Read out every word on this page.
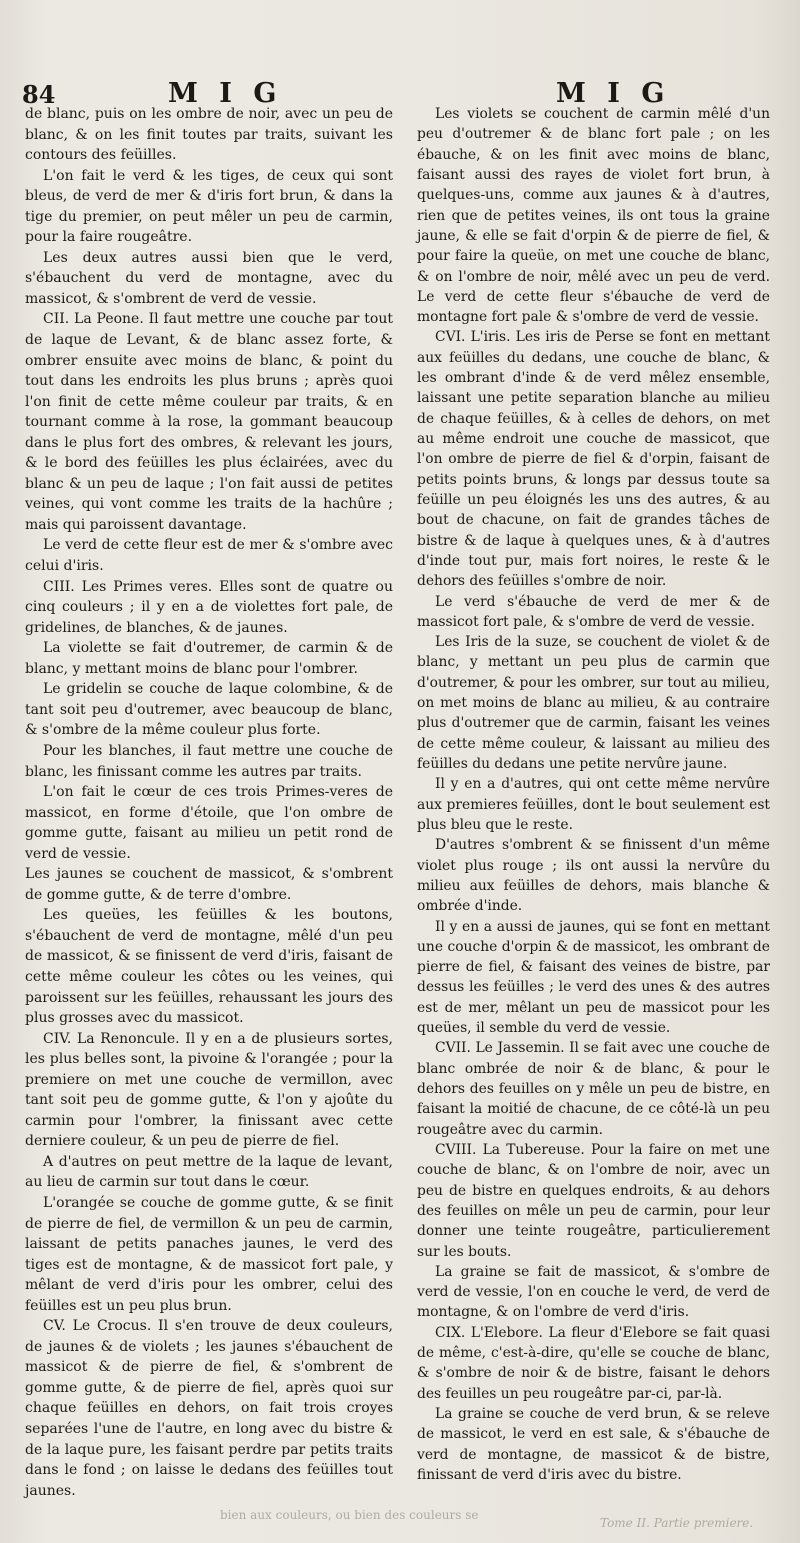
84	M I G	M I G

de blanc, puis on les ombre de noir, avec un peu de blanc, & on les finit toutes par traits, suivant les contours des feüilles.

L'on fait le verd & les tiges, de ceux qui sont bleus, de verd de mer & d'iris fort brun, & dans la tige du premier, on peut mêler un peu de carmin, pour la faire rougeâtre.

Les deux autres aussi bien que le verd, s'ébauchent du verd de montagne, avec du massicot, & s'ombrent de verd de vessie.

CII. La Peone. Il faut mettre une couche par tout de laque de Levant, & de blanc assez forte, & ombrer ensuite avec moins de blanc, & point du tout dans les endroits les plus bruns ; après quoi l'on finit de cette même couleur par traits, & en tournant comme à la rose, la gommant beaucoup dans le plus fort des ombres, & relevant les jours, & le bord des feüilles les plus éclairées, avec du blanc & un peu de laque ; l'on fait aussi de petites veines, qui vont comme les traits de la hachûre ; mais qui paroissent davantage.

Le verd de cette fleur est de mer & s'ombre avec celui d'iris.

CIII. Les Primes veres. Elles sont de quatre ou cinq couleurs ; il y en a de violettes fort pale, de gridelines, de blanches, & de jaunes.

La violette se fait d'outremer, de carmin & de blanc, y mettant moins de blanc pour l'ombrer.

Le gridelin se couche de laque colombine, & de tant soit peu d'outremer, avec beaucoup de blanc, & s'ombre de la même couleur plus forte.

Pour les blanches, il faut mettre une couche de blanc, les finissant comme les autres par traits.

L'on fait le cœur de ces trois Primes-veres de massicot, en forme d'étoile, que l'on ombre de gomme gutte, faisant au milieu un petit rond de verd de vessie.

Les jaunes se couchent de massicot, & s'ombrent de gomme gutte, & de terre d'ombre.

Les queües, les feüilles & les boutons, s'ébauchent de verd de montagne, mêlé d'un peu de massicot, & se finissent de verd d'iris, faisant de cette même couleur les côtes ou les veines, qui paroissent sur les feüilles, rehaussant les jours des plus grosses avec du massicot.

CIV. La Renoncule. Il y en a de plusieurs sortes, les plus belles sont, la pivoine & l'orangée ; pour la premiere on met une couche de vermillon, avec tant soit peu de gomme gutte, & l'on y ajoûte du carmin pour l'ombrer, la finissant avec cette derniere couleur, & un peu de pierre de fiel.

A d'autres on peut mettre de la laque de levant, au lieu de carmin sur tout dans le cœur.

L'orangée se couche de gomme gutte, & se finit de pierre de fiel, de vermillon & un peu de carmin, laissant de petits panaches jaunes, le verd des tiges est de montagne, & de massicot fort pale, y mêlant de verd d'iris pour les ombrer, celui des feüilles est un peu plus brun.

CV. Le Crocus. Il s'en trouve de deux couleurs, de jaunes & de violets ; les jaunes s'ébauchent de massicot & de pierre de fiel, & s'ombrent de gomme gutte, & de pierre de fiel, après quoi sur chaque feüilles en dehors, on fait trois croyes separées l'une de l'autre, en long avec du bistre & de la laque pure, les faisant perdre par petits traits dans le fond ; on laisse le dedans des feüilles tout jaunes.

Les violets se couchent de carmin mêlé d'un peu d'outremer & de blanc fort pale ; on les ébauche, & on les finit avec moins de blanc, faisant aussi des rayes de violet fort brun, à quelques-uns, comme aux jaunes & à d'autres, rien que de petites veines, ils ont tous la graine jaune, & elle se fait d'orpin & de pierre de fiel, & pour faire la queüe, on met une couche de blanc, & on l'ombre de noir, mêlé avec un peu de verd. Le verd de cette fleur s'ébauche de verd de montagne fort pale & s'ombre de verd de vessie.

CVI. L'iris. Les iris de Perse se font en mettant aux feüilles du dedans, une couche de blanc, & les ombrant d'inde & de verd mêlez ensemble, laissant une petite separation blanche au milieu de chaque feüilles, & à celles de dehors, on met au même endroit une couche de massicot, que l'on ombre de pierre de fiel & d'orpin, faisant de petits points bruns, & longs par dessus toute sa feüille un peu éloignés les uns des autres, & au bout de chacune, on fait de grandes tâches de bistre & de laque à quelques unes, & à d'autres d'inde tout pur, mais fort noires, le reste & le dehors des feüilles s'ombre de noir.

Le verd s'ébauche de verd de mer & de massicot fort pale, & s'ombre de verd de vessie.

Les Iris de la suze, se couchent de violet & de blanc, y mettant un peu plus de carmin que d'outremer, & pour les ombrer, sur tout au milieu, on met moins de blanc au milieu, & au contraire plus d'outremer que de carmin, faisant les veines de cette même couleur, & laissant au milieu des feüilles du dedans une petite nervûre jaune.

Il y en a d'autres, qui ont cette même nervûre aux premieres feüilles, dont le bout seulement est plus bleu que le reste.

D'autres s'ombrent & se finissent d'un même violet plus rouge ; ils ont aussi la nervûre du milieu aux feüilles de dehors, mais blanche & ombrée d'inde.

Il y en a aussi de jaunes, qui se font en mettant une couche d'orpin & de massicot, les ombrant de pierre de fiel, & faisant des veines de bistre, par dessus les feüilles ; le verd des unes & des autres est de mer, mêlant un peu de massicot pour les queües, il semble du verd de vessie.

CVII. Le Jassemin. Il se fait avec une couche de blanc ombrée de noir & de blanc, & pour le dehors des feuilles on y mêle un peu de bistre, en faisant la moitié de chacune, de ce côté-là un peu rougeâtre avec du carmin.

CVIII. La Tubereuse. Pour la faire on met une couche de blanc, & on l'ombre de noir, avec un peu de bistre en quelques endroits, & au dehors des feuilles on mêle un peu de carmin, pour leur donner une teinte rougeâtre, particulierement sur les bouts.

La graine se fait de massicot, & s'ombre de verd de vessie, l'on en couche le verd, de verd de montagne, & on l'ombre de verd d'iris.

CIX. L'Elebore. La fleur d'Elebore se fait quasi de même, c'est-à-dire, qu'elle se couche de blanc, & s'ombre de noir & de bistre, faisant le dehors des feuilles un peu rougeâtre par-ci, par-là.

La graine se couche de verd brun, & se releve de massicot, le verd en est sale, & s'ébauche de verd de montagne, de massicot & de bistre, finissant de verd d'iris avec du bistre.

bien aux couleurs, ou bien des couleurs se
Tome II. Partie premiere.
